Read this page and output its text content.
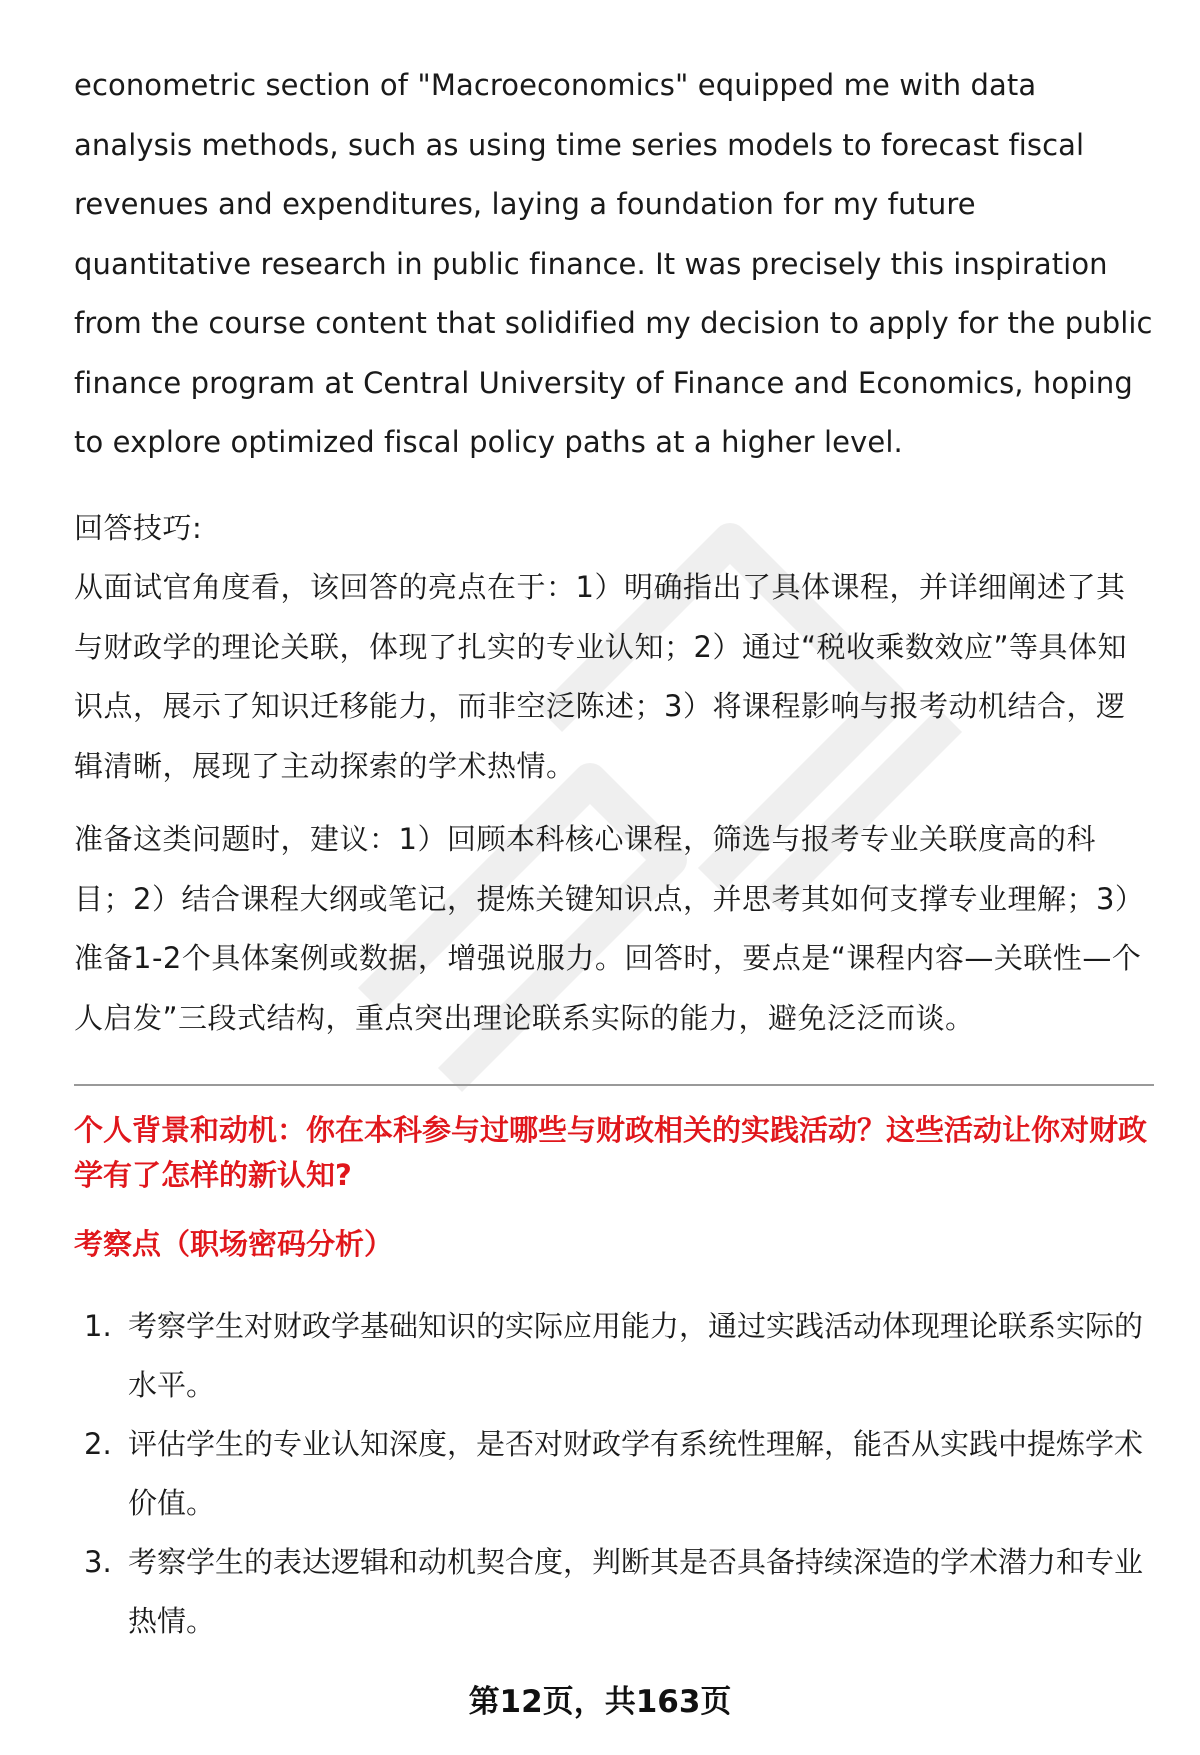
econometric section of "Macroeconomics" equipped me with data analysis methods, such as using time series models to forecast fiscal revenues and expenditures, laying a foundation for my future quantitative research in public finance. It was precisely this inspiration from the course content that solidified my decision to apply for the public finance program at Central University of Finance and Economics, hoping to explore optimized fiscal policy paths at a higher level.

回答技巧:

从面试官角度看，该回答的亮点在于：1）明确指出了具体课程，并详细阐述了其与财政学的理论关联，体现了扎实的专业认知；2）通过“税收乘数效应”等具体知识点，展示了知识迁移能力，而非空泛陈述；3）将课程影响与报考动机结合，逻辑清晰，展现了主动探索的学术热情。

准备这类问题时，建议：1）回顾本科核心课程，筛选与报考专业关联度高的科目；2）结合课程大纲或笔记，提炼关键知识点，并思考其如何支撑专业理解；3）准备1-2个具体案例或数据，增强说服力。回答时，要点是“课程内容—关联性—个人启发”三段式结构，重点突出理论联系实际的能力，避免泛泛而谈。

个人背景和动机：你在本科参与过哪些与财政相关的实践活动？这些活动让你对财政学有了怎样的新认知?

考察点（职场密码分析）

1. 考察学生对财政学基础知识的实际应用能力，通过实践活动体现理论联系实际的水平。
2. 评估学生的专业认知深度，是否对财政学有系统性理解，能否从实践中提炼学术价值。
3. 考察学生的表达逻辑和动机契合度，判断其是否具备持续深造的学术潜力和专业热情。
第12页，共163页
